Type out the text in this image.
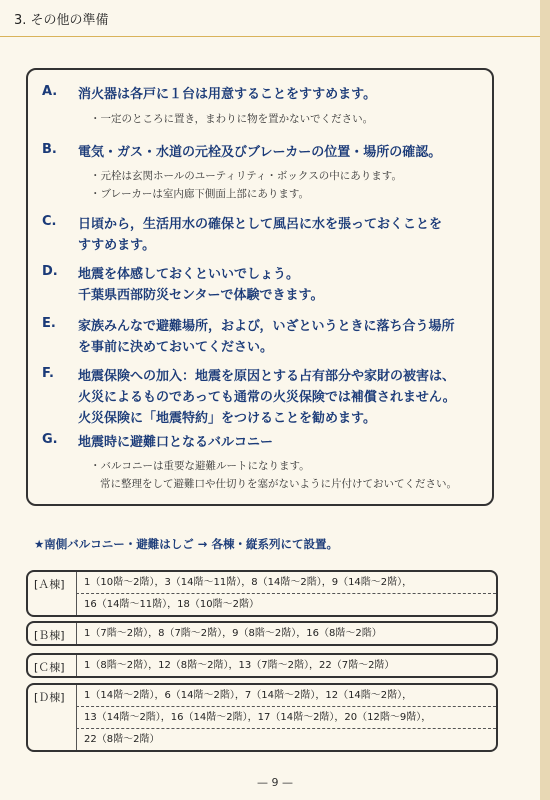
3. その他の準備
A.	消火器は各戸に１台は用意することをすすめます。
・一定のところに置き，まわりに物を置かないでください。
B.	電気・ガス・水道の元栓及びブレーカーの位置・場所の確認。
・元栓は玄関ホールのユーティリティ・ボックスの中にあります。
・ブレーカーは室内廊下側面上部にあります。
C.	日頃から，生活用水の確保として風呂に水を張っておくことを
すすめます。
D.	地震を体感しておくといいでしょう。
千葉県西部防災センターで体験できます。
E.	家族みんなで避難場所，および，いざというときに落ち合う場所
を事前に決めておいてください。
F.	地震保険への加入：地震を原因とする占有部分や家財の被害は、
火災によるものであっても通常の火災保険では補償されません。
火災保険に「地震特約」をつけることを勧めます。
G.	地震時に避難口となるバルコニー
・バルコニーは重要な避難ルートになります。
常に整理をして避難口や仕切りを塞がないように片付けておいてください。
★南側バルコニー・避難はしご → 各棟・縦系列にて設置。
[Ａ棟]	1（10階〜2階），3（14階〜11階），8（14階〜2階），9（14階〜2階），
16（14階〜11階），18（10階〜2階）
[Ｂ棟]	1（7階〜2階），8（7階〜2階），9（8階〜2階），16（8階〜2階）
[Ｃ棟]	1（8階〜2階），12（8階〜2階），13（7階〜2階），22（7階〜2階）
[Ｄ棟]	1（14階〜2階），6（14階〜2階），7（14階〜2階），12（14階〜2階），
13（14階〜2階），16（14階〜2階），17（14階〜2階），20（12階〜9階），
22（8階〜2階）
— 9 —
